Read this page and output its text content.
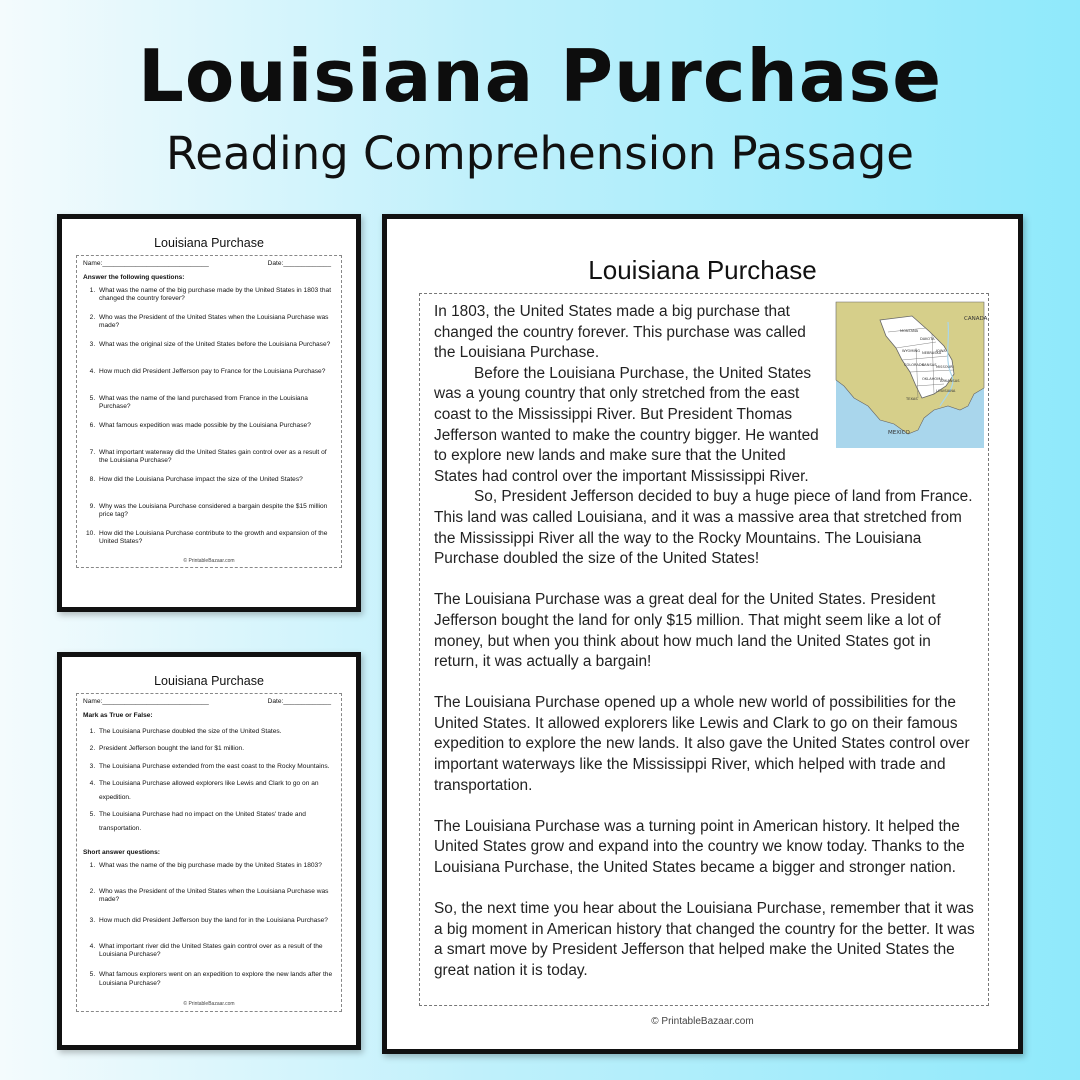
Louisiana Purchase
Reading Comprehension Passage
Louisiana Purchase
Name:_____________________________	Date:_____________
Answer the following questions:
1. What was the name of the big purchase made by the United States in 1803 that changed the country forever?
2. Who was the President of the United States when the Louisiana Purchase was made?
3. What was the original size of the United States before the Louisiana Purchase?
4. How much did President Jefferson pay to France for the Louisiana Purchase?
5. What was the name of the land purchased from France in the Louisiana Purchase?
6. What famous expedition was made possible by the Louisiana Purchase?
7. What important waterway did the United States gain control over as a result of the Louisiana Purchase?
8. How did the Louisiana Purchase impact the size of the United States?
9. Why was the Louisiana Purchase considered a bargain despite the $15 million price tag?
10. How did the Louisiana Purchase contribute to the growth and expansion of the United States?
© PrintableBazaar.com
Louisiana Purchase
Name:_____________________________	Date:_____________
Mark as True or False:
1. The Louisiana Purchase doubled the size of the United States.
2. President Jefferson bought the land for $1 million.
3. The Louisiana Purchase extended from the east coast to the Rocky Mountains.
4. The Louisiana Purchase allowed explorers like Lewis and Clark to go on an expedition.
5. The Louisiana Purchase had no impact on the United States' trade and transportation.
Short answer questions:
1. What was the name of the big purchase made by the United States in 1803?
2. Who was the President of the United States when the Louisiana Purchase was made?
3. How much did President Jefferson buy the land for in the Louisiana Purchase?
4. What important river did the United States gain control over as a result of the Louisiana Purchase?
5. What famous explorers went on an expedition to explore the new lands after the Louisiana Purchase?
© PrintableBazaar.com
Louisiana Purchase
CANADA
MEXICO
MONTANA
DAKOTA
WYOMING NEBRASKA
COLORADO
KANSAS MISSOURI
IOWA
OKLAHOMA
ARKANSAS
LOUISIANA
TEXAS

In 1803, the United States made a big purchase that changed the country forever. This purchase was called the Louisiana Purchase.

Before the Louisiana Purchase, the United States was a young country that only stretched from the east coast to the Mississippi River. But President Thomas Jefferson wanted to make the country bigger. He wanted to explore new lands and make sure that the United States had control over the important Mississippi River.

So, President Jefferson decided to buy a huge piece of land from France. This land was called Louisiana, and it was a massive area that stretched from the Mississippi River all the way to the Rocky Mountains. The Louisiana Purchase doubled the size of the United States!

The Louisiana Purchase was a great deal for the United States. President Jefferson bought the land for only $15 million. That might seem like a lot of money, but when you think about how much land the United States got in return, it was actually a bargain!

The Louisiana Purchase opened up a whole new world of possibilities for the United States. It allowed explorers like Lewis and Clark to go on their famous expedition to explore the new lands. It also gave the United States control over important waterways like the Mississippi River, which helped with trade and transportation.

The Louisiana Purchase was a turning point in American history. It helped the United States grow and expand into the country we know today. Thanks to the Louisiana Purchase, the United States became a bigger and stronger nation.

So, the next time you hear about the Louisiana Purchase, remember that it was a big moment in American history that changed the country for the better. It was a smart move by President Jefferson that helped make the United States the great nation it is today.

© PrintableBazaar.com
